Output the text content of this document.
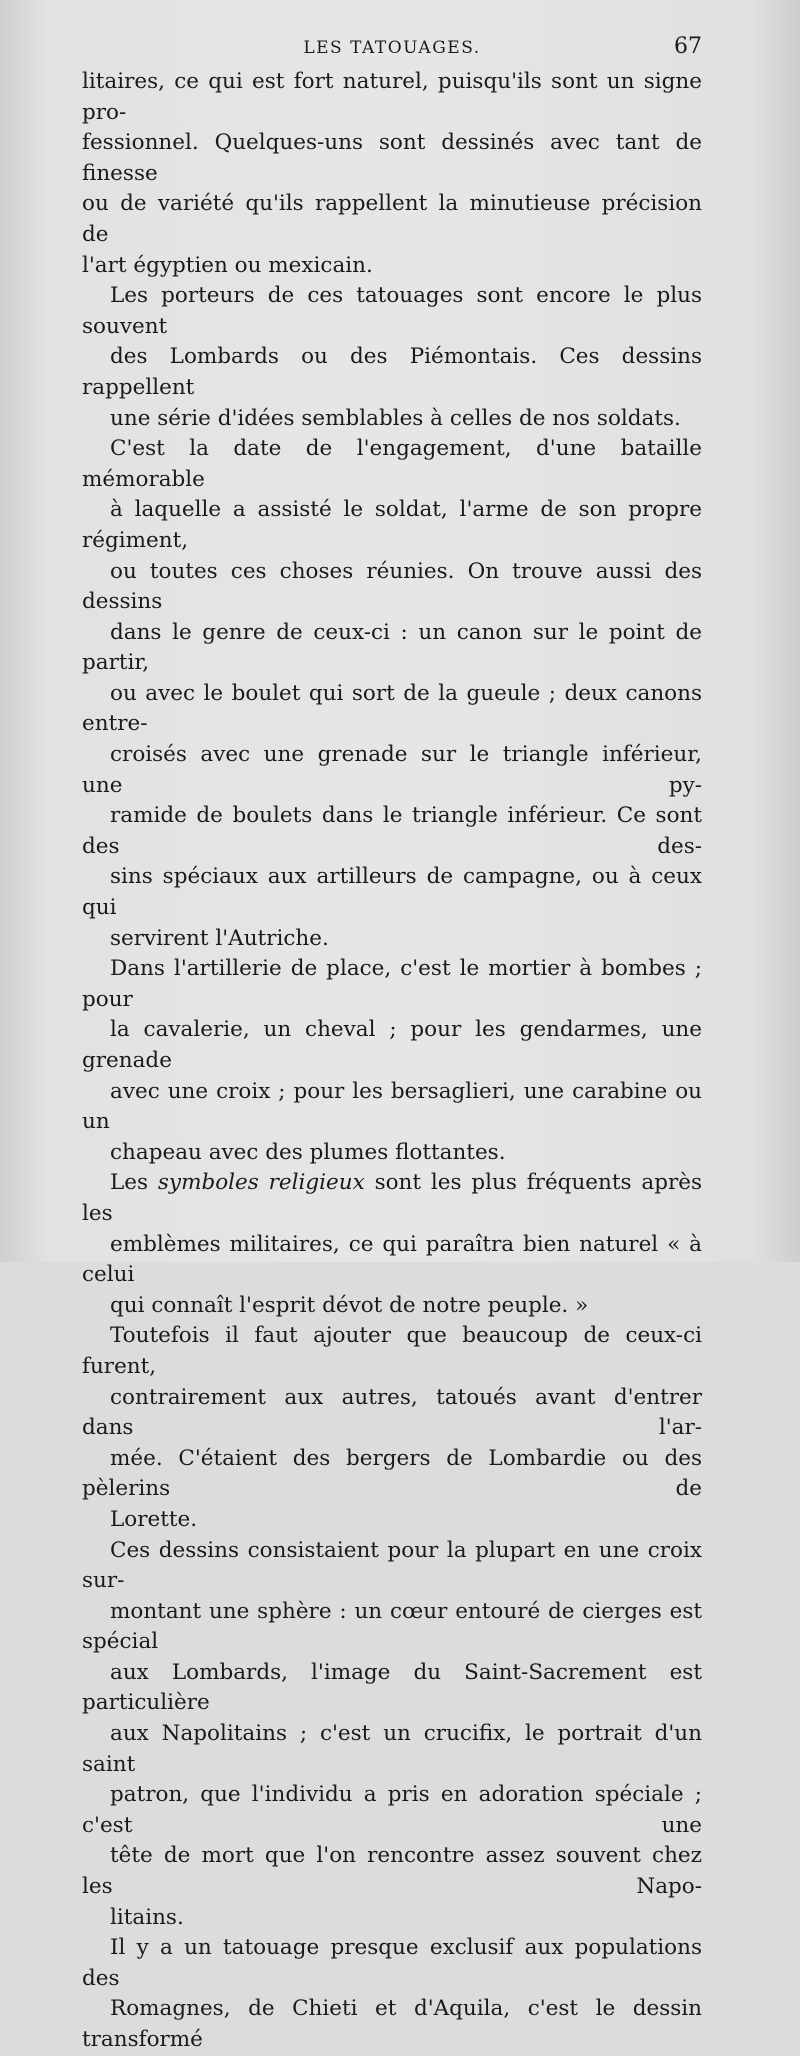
LES TATOUAGES.	67

litaires, ce qui est fort naturel, puisqu'ils sont un signe pro-
fessionnel. Quelques-uns sont dessinés avec tant de finesse
ou de variété qu'ils rappellent la minutieuse précision de
l'art égyptien ou mexicain.

Les porteurs de ces tatouages sont encore le plus souvent
des Lombards ou des Piémontais. Ces dessins rappellent
une série d'idées semblables à celles de nos soldats.

C'est la date de l'engagement, d'une bataille mémorable
à laquelle a assisté le soldat, l'arme de son propre régiment,
ou toutes ces choses réunies. On trouve aussi des dessins
dans le genre de ceux-ci : un canon sur le point de partir,
ou avec le boulet qui sort de la gueule ; deux canons entre-
croisés avec une grenade sur le triangle inférieur, une py-
ramide de boulets dans le triangle inférieur. Ce sont des des-
sins spéciaux aux artilleurs de campagne, ou à ceux qui
servirent l'Autriche.

Dans l'artillerie de place, c'est le mortier à bombes ; pour
la cavalerie, un cheval ; pour les gendarmes, une grenade
avec une croix ; pour les bersaglieri, une carabine ou un
chapeau avec des plumes flottantes.

Les symboles religieux sont les plus fréquents après les
emblèmes militaires, ce qui paraîtra bien naturel « à celui
qui connaît l'esprit dévot de notre peuple. »

Toutefois il faut ajouter que beaucoup de ceux-ci furent,
contrairement aux autres, tatoués avant d'entrer dans l'ar-
mée. C'étaient des bergers de Lombardie ou des pèlerins de
Lorette.

Ces dessins consistaient pour la plupart en une croix sur-
montant une sphère : un cœur entouré de cierges est spécial
aux Lombards, l'image du Saint-Sacrement est particulière
aux Napolitains ; c'est un crucifix, le portrait d'un saint
patron, que l'individu a pris en adoration spéciale ; c'est une
tête de mort que l'on rencontre assez souvent chez les Napo-
litains.

Il y a un tatouage presque exclusif aux populations des
Romagnes, de Chieti et d'Aquila, c'est le dessin transformé
